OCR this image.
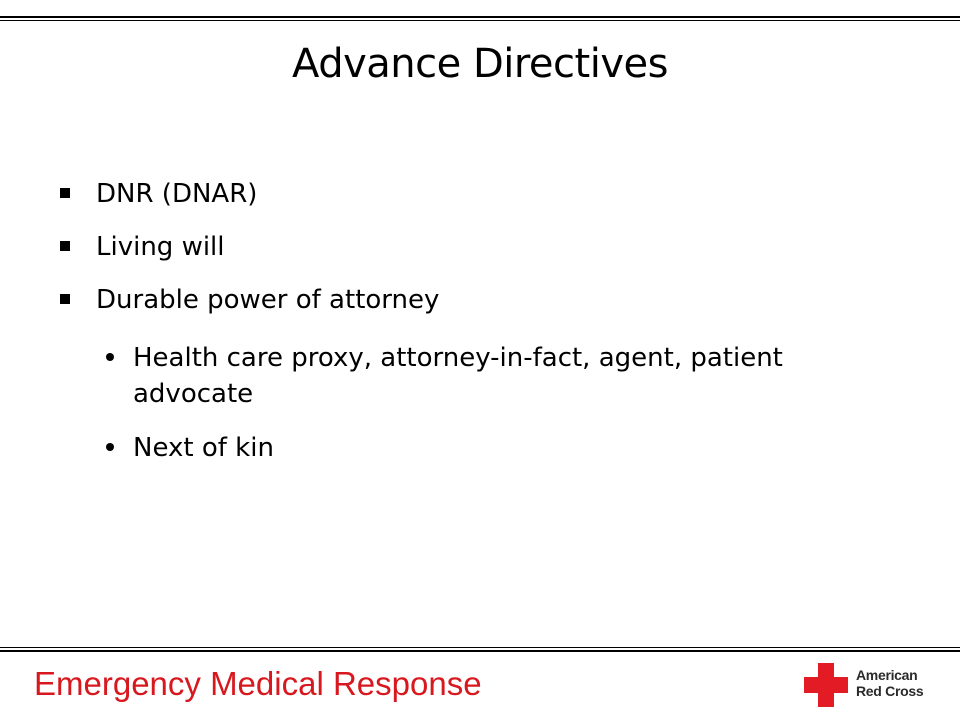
Advance Directives
DNR (DNAR)
Living will
Durable power of attorney
Health care proxy, attorney-in-fact, agent, patient advocate
Next of kin
Emergency Medical Response	American
Red Cross
